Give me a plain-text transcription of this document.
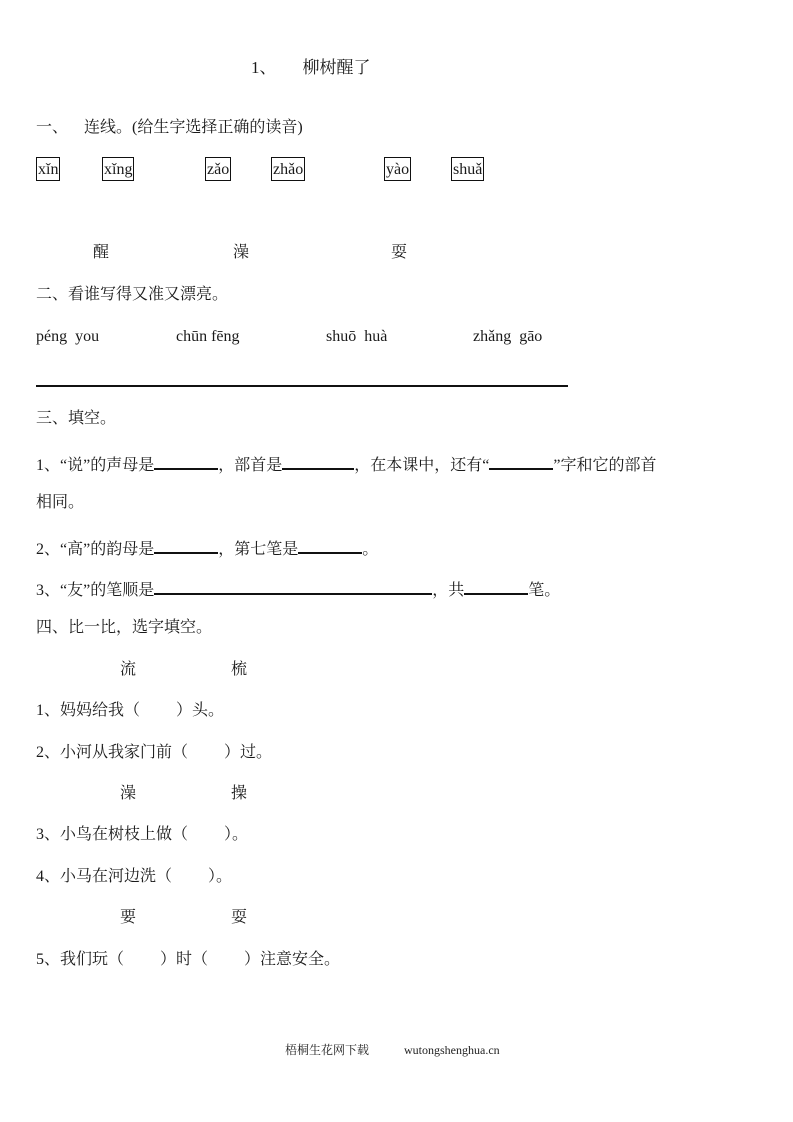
1、 柳树醒了
一、 连线。(给生字选择正确的读音)
xǐn	xǐng	zǎo	zhǎo	yào	shuǎ
醒	澡	耍
二、看谁写得又准又漂亮。
péng  you	chūn fēng	shuō  huà	zhǎng  gāo
三、填空。
1、“说”的声母是	，部首是	，在本课中，还有“	”字和它的部首
相同。
2、“高”的韵母是	，第七笔是	。
3、“友”的笔顺是	，共	笔。
四、比一比，选字填空。
流	梳
1、妈妈给我（ ）头。
2、小河从我家门前（ ）过。
澡	操
3、小鸟在树枝上做（ ）。
4、小马在河边洗（ ）。
要	耍
5、我们玩（ ）时（ ）注意安全。
梧桐生花网下载	wutongshenghua.cn
